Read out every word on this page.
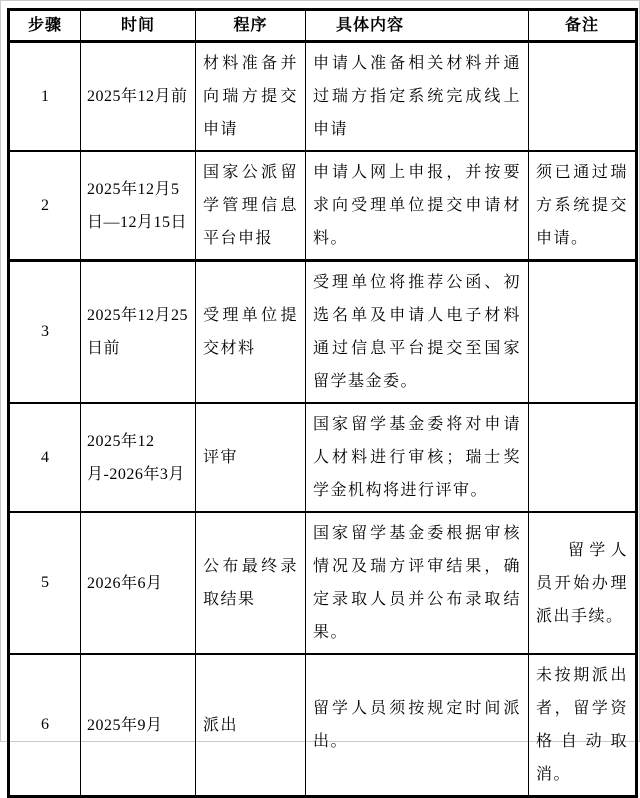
步骤	时间	程序	具体内容	备注
1	2025年12月前	材料准备并向瑞方提交申请	申请人准备相关材料并通过瑞方指定系统完成线上申请	
2	2025年12月5日—12月15日	国家公派留学管理信息平台申报	申请人网上申报，并按要求向受理单位提交申请材料。	须已通过瑞方系统提交申请。
3	2025年12月25日前	受理单位提交材料	受理单位将推荐公函、初选名单及申请人电子材料通过信息平台提交至国家留学基金委。	
4	2025年12月-2026年3月	评审	国家留学基金委将对申请人材料进行审核；瑞士奖学金机构将进行评审。	
5	2026年6月	公布最终录取结果	国家留学基金委根据审核情况及瑞方评审结果，确定录取人员并公布录取结果。	留学人员开始办理派出手续。
6	2025年9月	派出	留学人员须按规定时间派出。	未按期派出者，留学资格自动取消。
